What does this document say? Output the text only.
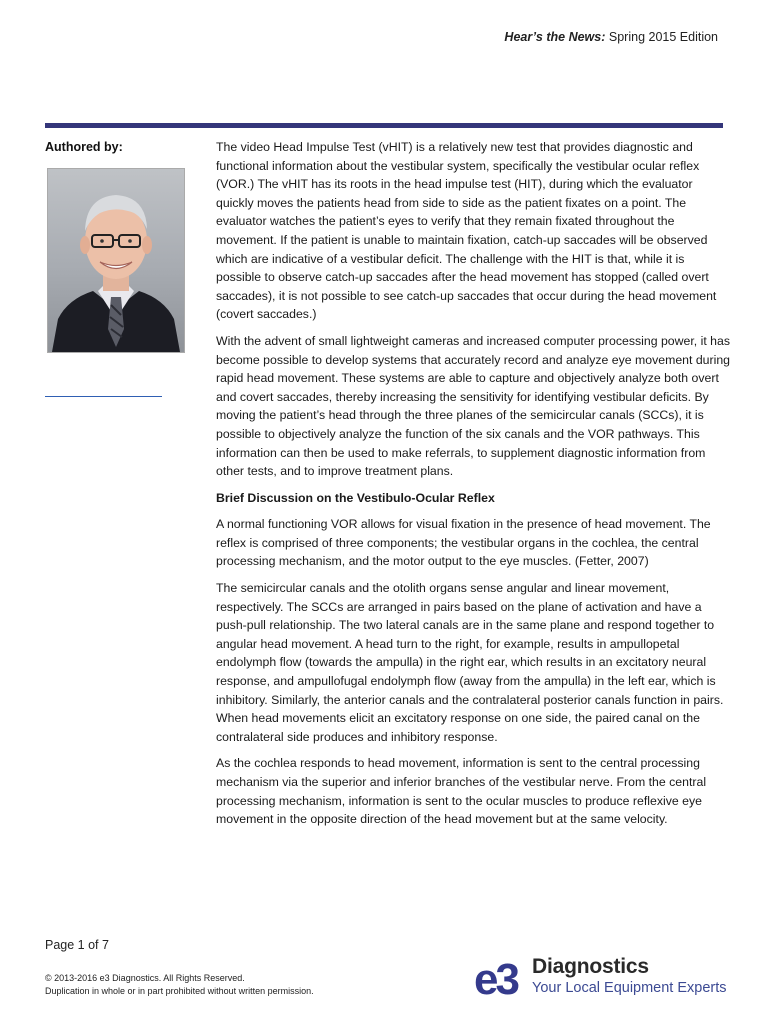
Hear’s the News: Spring 2015 Edition
Authored by:	The video Head Impulse Test (vHIT) is a relatively new test that provides diagnostic and functional information about the vestibular system, specifically the vestibular ocular reflex (VOR.) The vHIT has its roots in the head impulse test (HIT), during which the evaluator quickly moves the patients head from side to side as the patient fixates on a point. The evaluator watches the patient’s eyes to verify that they remain fixated throughout the movement. If the patient is unable to maintain fixation, catch-up saccades will be observed which are indicative of a vestibular deficit. The challenge with the HIT is that, while it is possible to observe catch-up saccades after the head movement has stopped (called overt saccades), it is not possible to see catch-up saccades that occur during the head movement (covert saccades.)

With the advent of small lightweight cameras and increased computer processing power, it has become possible to develop systems that accurately record and analyze eye movement during rapid head movement. These systems are able to capture and objectively analyze both overt and covert saccades, thereby increasing the sensitivity for identifying vestibular deficits. By moving the patient’s head through the three planes of the semicircular canals (SCCs), it is possible to objectively analyze the function of the six canals and the VOR pathways. This information can then be used to make referrals, to supplement diagnostic information from other tests, and to improve treatment plans.

Brief Discussion on the Vestibulo-Ocular Reflex

A normal functioning VOR allows for visual fixation in the presence of head movement. The reflex is comprised of three components; the vestibular organs in the cochlea, the central processing mechanism, and the motor output to the eye muscles. (Fetter, 2007)

The semicircular canals and the otolith organs sense angular and linear movement, respectively. The SCCs are arranged in pairs based on the plane of activation and have a push-pull relationship. The two lateral canals are in the same plane and respond together to angular head movement. A head turn to the right, for example, results in ampullopetal endolymph flow (towards the ampulla) in the right ear, which results in an excitatory neural response, and ampullofugal endolymph flow (away from the ampulla) in the left ear, which is inhibitory. Similarly, the anterior canals and the contralateral posterior canals function in pairs. When head movements elicit an excitatory response on one side, the paired canal on the contralateral side produces and inhibitory response.

As the cochlea responds to head movement, information is sent to the central processing mechanism via the superior and inferior branches of the vestibular nerve. From the central processing mechanism, information is sent to the ocular muscles to produce reflexive eye movement in the opposite direction of the head movement but at the same velocity.

Page 1 of 7
© 2013-2016 e3 Diagnostics. All Rights Reserved.
Duplication in whole or in part prohibited without written permission.	e3 Diagnostics
Your Local Equipment Experts
